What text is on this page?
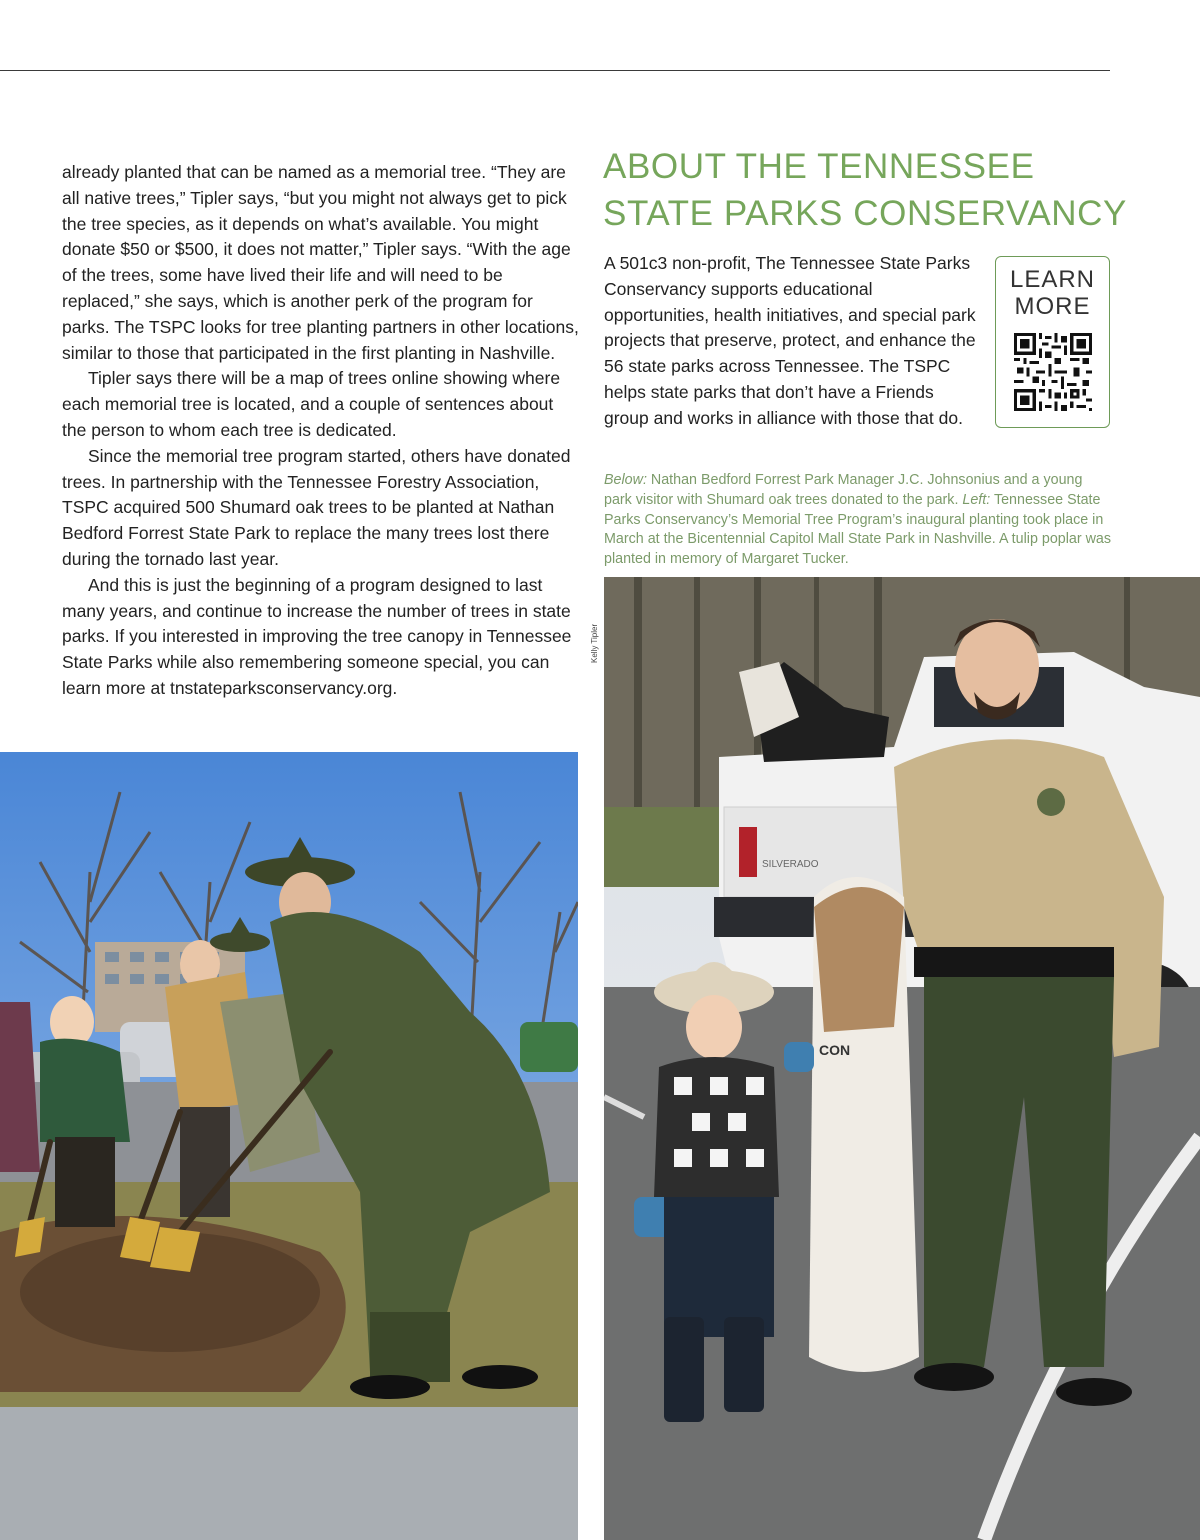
already planted that can be named as a memorial tree. “They are all native trees,” Tipler says, “but you might not always get to pick the tree species, as it depends on what’s available. You might donate $50 or $500, it does not matter,” Tipler says. “With the age of the trees, some have lived their life and will need to be replaced,” she says, which is another perk of the program for parks. The TSPC looks for tree planting partners in other locations, similar to those that participated in the first planting in Nashville.

Tipler says there will be a map of trees online showing where each memorial tree is located, and a couple of sentences about the person to whom each tree is dedicated.

Since the memorial tree program started, others have donated trees. In partnership with the Tennessee Forestry Association, TSPC acquired 500 Shumard oak trees to be planted at Nathan Bedford Forrest State Park to replace the many trees lost there during the tornado last year.

And this is just the beginning of a program designed to last many years, and continue to increase the number of trees in state parks. If you interested in improving the tree canopy in Tennessee State Parks while also remembering someone special, you can learn more at tnstateparksconservancy.org.

ABOUT THE TENNESSEE
STATE PARKS CONSERVANCY

A 501c3 non-profit, The Tennessee State Parks Conservancy supports educational opportunities, health initiatives, and special park projects that preserve, protect, and enhance the 56 state parks across Tennessee. The TSPC helps state parks that don’t have a Friends group and works in alliance with those that do.

LEARN
MORE

Below: Nathan Bedford Forrest Park Manager J.C. Johnsonius and a young park visitor with Shumard oak trees donated to the park. Left: Tennessee State Parks Conservancy’s Memorial Tree Program’s inaugural planting took place in March at the Bicentennial Capitol Mall State Park in Nashville. A tulip poplar was planted in memory of Margaret Tucker.

Kelly Tipler
SILVERADO
CON
